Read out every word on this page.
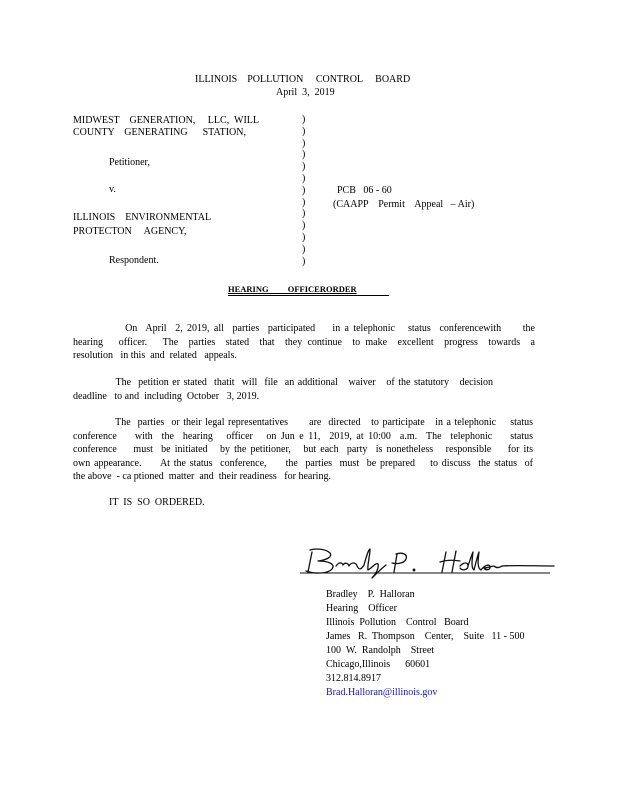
ILLINOIS    POLLUTION     CONTROL     BOARD
April  3,  2019
MIDWEST    GENERATION,     LLC,  WILL
COUNTY    GENERATING      STATION,
Petitioner,
v.
ILLINOIS    ENVIRONMENTAL
PROTECTON     AGENCY,
Respondent.
)
)
)
)
)
)
)
)
)
)
)
)
)
PCB   06 - 60
(CAAPP    Permit    Appeal   – Air)
HEARING         OFFICERORDER
On  April  2, 2019, all  parties  participated    in a telephonic   status  conferencewith     the
hearing   officer.   The  parties  stated  that  they continue  to make  excellent  progress  towards  a
resolution   in this  and  related   appeals.
The  petition er stated  thatit  will  file  an additional   waiver   of the statutory   decision
deadline   to and  including  October   3, 2019.
The  parties  or their legal representatives      are  directed   to participate   in a telephonic    status
conference    with  the  hearing   officer   on Jun e 11,  2019, at 10:00  a.m.  The  telephonic    status
conference    must  be initiated   by the petitioner,   but each  party  is nonetheless   responsible    for its
own appearance.     At the status  conference,     the  parties  must  be prepared    to discuss  the status  of
the above  - ca ptioned  matter  and  their readiness   for hearing.
IT  IS  SO  ORDERED.
Bradley    P.  Halloran
Hearing    Officer
Illinois  Pollution    Control   Board
James   R.  Thompson    Center,    Suite   11 - 500
100  W.  Randolph    Street
Chicago,Illinois      60601
312.814.8917
Brad.Halloran@illinois.gov
